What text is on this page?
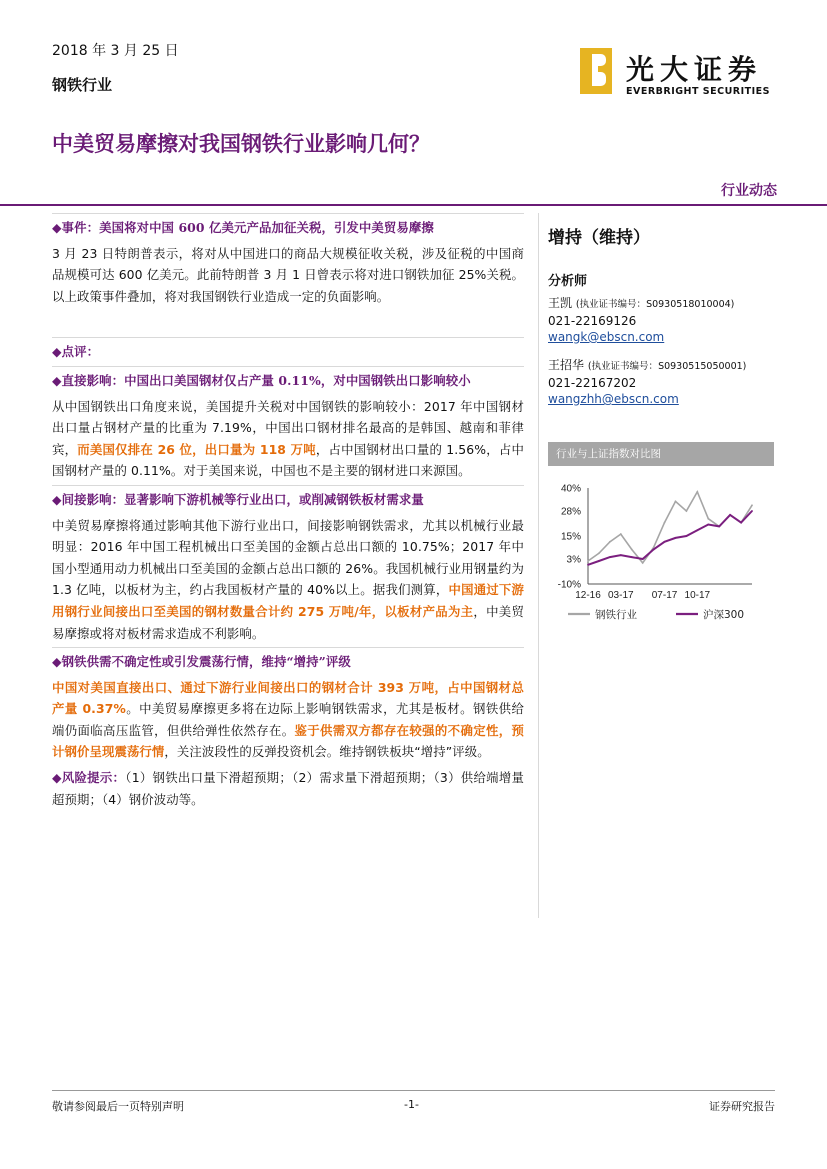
2018 年 3 月 25 日
钢铁行业	光大证券
EVERBRIGHT SECURITIES
中美贸易摩擦对我国钢铁行业影响几何？
行业动态
◆事件：美国将对中国 600 亿美元产品加征关税，引发中美贸易摩擦

3 月 23 日特朗普表示，将对从中国进口的商品大规模征收关税，涉及征税的中国商品规模可达 600 亿美元。此前特朗普 3 月 1 日曾表示将对进口钢铁加征 25%关税。以上政策事件叠加，将对我国钢铁行业造成一定的负面影响。

◆点评：
◆直接影响：中国出口美国钢材仅占产量 0.11%，对中国钢铁出口影响较小

从中国钢铁出口角度来说，美国提升关税对中国钢铁的影响较小：2017 年中国钢材出口量占钢材产量的比重为 7.19%，中国出口钢材排名最高的是韩国、越南和菲律宾，而美国仅排在 26 位，出口量为 118 万吨，占中国钢材出口量的 1.56%，占中国钢材产量的 0.11%。对于美国来说，中国也不是主要的钢材进口来源国。

◆间接影响：显著影响下游机械等行业出口，或削减钢铁板材需求量

中美贸易摩擦将通过影响其他下游行业出口，间接影响钢铁需求，尤其以机械行业最明显：2016 年中国工程机械出口至美国的金额占总出口额的 10.75%；2017 年中国小型通用动力机械出口至美国的金额占总出口额的 26%。我国机械行业用钢量约为 1.3 亿吨，以板材为主，约占我国板材产量的 40%以上。据我们测算，中国通过下游用钢行业间接出口至美国的钢材数量合计约 275 万吨/年，以板材产品为主，中美贸易摩擦或将对板材需求造成不利影响。

◆钢铁供需不确定性或引发震荡行情，维持“增持”评级

中国对美国直接出口、通过下游行业间接出口的钢材合计 393 万吨，占中国钢材总产量 0.37%。中美贸易摩擦更多将在边际上影响钢铁需求，尤其是板材。钢铁供给端仍面临高压监管，但供给弹性依然存在。鉴于供需双方都存在较强的不确定性，预计钢价呈现震荡行情，关注波段性的反弹投资机会。维持钢铁板块“增持”评级。

◆风险提示：（1）钢铁出口量下滑超预期；（2）需求量下滑超预期；（3）供给端增量超预期；（4）钢价波动等。

增持（维持）
分析师
王凯 (执业证书编号：S0930518010004)
021-22169126
wangk@ebscn.com
王招华 (执业证书编号：S0930515050001)
021-22167202
wangzhh@ebscn.com
行业与上证指数对比图
40%
28%
15%
3%
-10%
12-16 03-17 07-17 10-17
钢铁行业	沪深300
敬请参阅最后一页特别声明	-1-	证券研究报告
